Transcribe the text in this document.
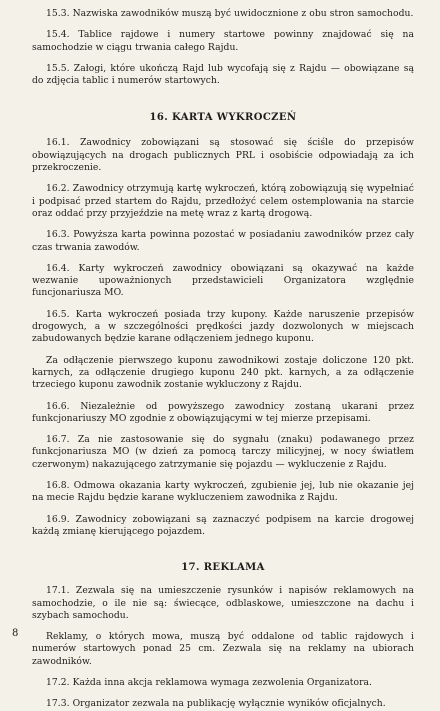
15.3. Nazwiska zawodników muszą być uwidocznione z obu stron samochodu.

15.4. Tablice rajdowe i numery startowe powinny znajdować się na samochodzie w ciągu trwania całego Rajdu.

15.5. Załogi, które ukończą Rajd lub wycofają się z Rajdu — obowiązane są do zdjęcia tablic i numerów startowych.

16. KARTA WYKROCZEŃ

16.1. Zawodnicy zobowiązani są stosować się ściśle do przepisów obowiązujących na drogach publicznych PRL i osobiście odpowiadają za ich przekroczenie.

16.2. Zawodnicy otrzymują kartę wykroczeń, którą zobowiązują się wypełniać i podpisać przed startem do Rajdu, przedłożyć celem ostemplowania na starcie oraz oddać przy przyjeździe na metę wraz z kartą drogową.

16.3. Powyższa karta powinna pozostać w posiadaniu zawodników przez cały czas trwania zawodów.

16.4. Karty wykroczeń zawodnicy obowiązani są okazywać na każde wezwanie upoważnionych przedstawicieli Organizatora względnie funcjonariusza MO.

16.5. Karta wykroczeń posiada trzy kupony. Każde naruszenie przepisów drogowych, a w szczególności prędkości jazdy dozwolonych w miejscach zabudowanych będzie karane odłączeniem jednego kuponu.

Za odłączenie pierwszego kuponu zawodnikowi zostaje doliczone 120 pkt. karnych, za odłączenie drugiego kuponu 240 pkt. karnych, a za odłączenie trzeciego kuponu zawodnik zostanie wykluczony z Rajdu.

16.6. Niezależnie od powyższego zawodnicy zostaną ukarani przez funkcjonariuszy MO zgodnie z obowiązującymi w tej mierze przepisami.

16.7. Za nie zastosowanie się do sygnału (znaku) podawanego przez funkcjonariusza MO (w dzień za pomocą tarczy milicyjnej, w nocy światłem czerwonym) nakazującego zatrzymanie się pojazdu — wykluczenie z Rajdu.

16.8. Odmowa okazania karty wykroczeń, zgubienie jej, lub nie okazanie jej na mecie Rajdu będzie karane wykluczeniem zawodnika z Rajdu.

16.9. Zawodnicy zobowiązani są zaznaczyć podpisem na karcie drogowej każdą zmianę kierującego pojazdem.

17. REKLAMA

17.1. Zezwala się na umieszczenie rysunków i napisów reklamowych na samochodzie, o ile nie są: świecące, odblaskowe, umieszczone na dachu i szybach samochodu.

Reklamy, o których mowa, muszą być oddalone od tablic rajdowych i numerów startowych ponad 25 cm. Zezwala się na reklamy na ubiorach zawodników.

17.2. Każda inna akcja reklamowa wymaga zezwolenia Organizatora.

17.3. Organizator zezwala na publikację wyłącznie wyników oficjalnych.

8
